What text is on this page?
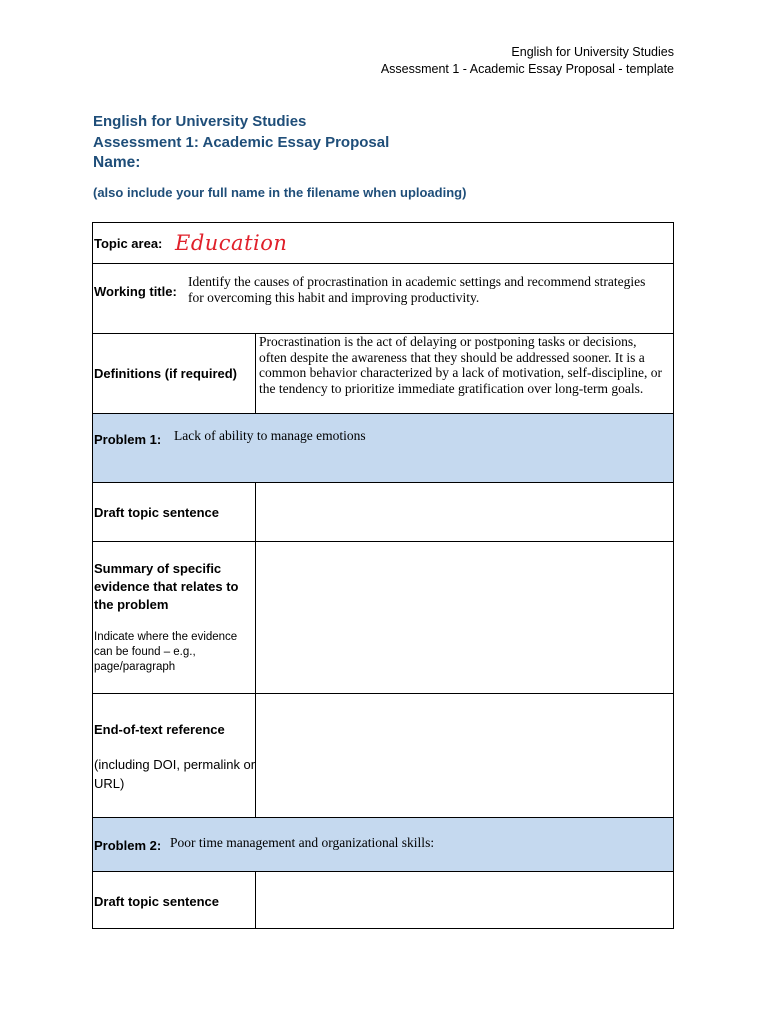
English for University Studies
Assessment 1 - Academic Essay Proposal - template
English for University Studies
Assessment 1: Academic Essay Proposal
Name:
(also include your full name in the filename when uploading)
Topic area: Education
Working title:
Identify the causes of procrastination in academic settings and recommend strategies for overcoming this habit and improving productivity.
Definitions (if required)
Procrastination is the act of delaying or postponing tasks or decisions, often despite the awareness that they should be addressed sooner. It is a common behavior characterized by a lack of motivation, self-discipline, or the tendency to prioritize immediate gratification over long-term goals.
Problem 1: Lack of ability to manage emotions
Draft topic sentence
Summary of specific evidence that relates to the problem
Indicate where the evidence can be found – e.g., page/paragraph
End-of-text reference
(including DOI, permalink or URL)
Problem 2: Poor time management and organizational skills:
Draft topic sentence
